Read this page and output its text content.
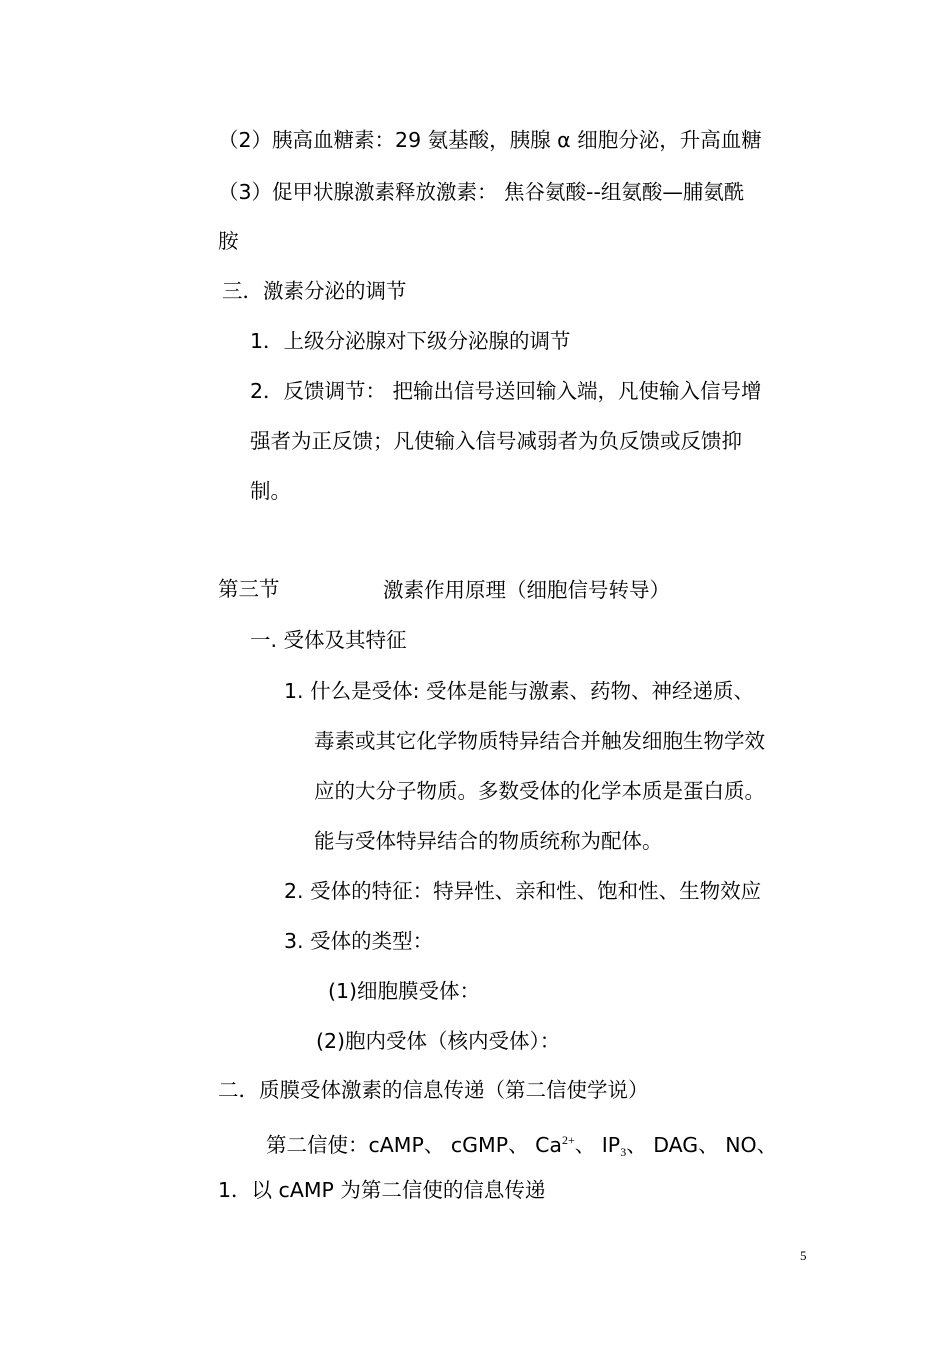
（2）胰高血糖素：29 氨基酸，胰腺 α 细胞分泌，升高血糖
（3）促甲状腺激素释放激素： 焦谷氨酸--组氨酸—脯氨酰
胺
三．激素分泌的调节
1．上级分泌腺对下级分泌腺的调节
2．反馈调节： 把输出信号送回输入端，凡使输入信号增
强者为正反馈；凡使输入信号减弱者为负反馈或反馈抑
制。
第三节	激素作用原理（细胞信号转导）
一. 受体及其特征
1. 什么是受体: 受体是能与激素、药物、神经递质、
毒素或其它化学物质特异结合并触发细胞生物学效
应的大分子物质。多数受体的化学本质是蛋白质。
能与受体特异结合的物质统称为配体。
2. 受体的特征：特异性、亲和性、饱和性、生物效应
3. 受体的类型：
(1)细胞膜受体：
(2)胞内受体（核内受体）：
二．质膜受体激素的信息传递（第二信使学说）
第二信使：cAMP、 cGMP、 $Ca^{2+}$、 $IP_3$、 DAG、 NO、
1．以 cAMP 为第二信使的信息传递
5
